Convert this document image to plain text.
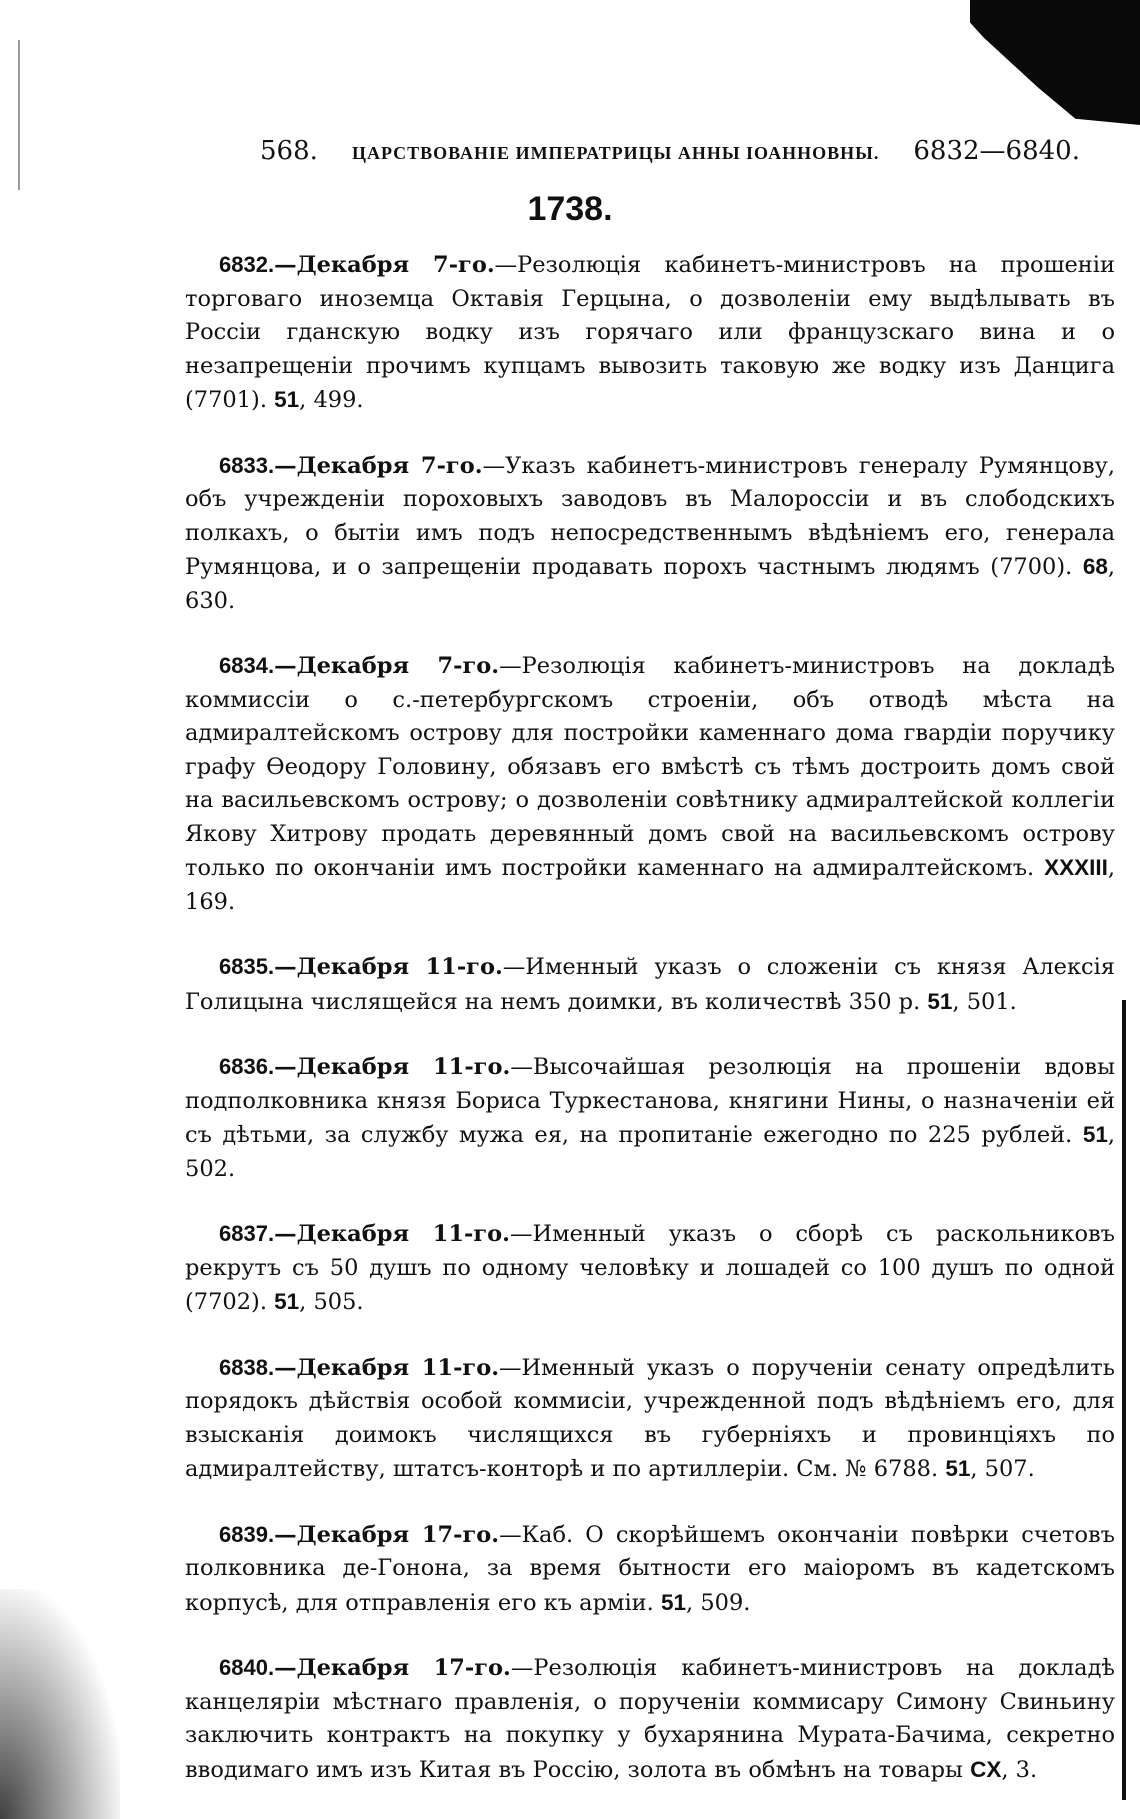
568. ЦАРСТВОВАНІЕ ИМПЕРАТРИЦЫ АННЫ ІОАННОВНЫ. 6832—6840.
1738.

6832.—Декабря 7-го.—Резолюція кабинетъ-министровъ на прошеніи торговаго иноземца Октавія Герцына, о дозволеніи ему выдѣлывать въ Россіи гданскую водку изъ горячаго или французскаго вина и о незапрещеніи прочимъ купцамъ вывозить таковую же водку изъ Данцига (7701). 51, 499.

6833.—Декабря 7-го.—Указъ кабинетъ-министровъ генералу Румянцову, объ учрежденіи пороховыхъ заводовъ въ Малороссіи и въ слободскихъ полкахъ, о бытіи имъ подъ непосредственнымъ вѣдѣніемъ его, генерала Румянцова, и о запрещеніи продавать порохъ частнымъ людямъ (7700). 68, 630.

6834.—Декабря 7-го.—Резолюція кабинетъ-министровъ на докладѣ коммиссіи о с.-петербургскомъ строеніи, объ отводѣ мѣста на адмиралтейскомъ острову для постройки каменнаго дома гвардіи поручику графу Ѳеодору Головину, обязавъ его вмѣстѣ съ тѣмъ достроить домъ свой на васильевскомъ острову; о дозволеніи совѣтнику адмиралтейской коллегіи Якову Хитрову продать деревянный домъ свой на васильевскомъ острову только по окончаніи имъ постройки каменнаго на адмиралтейскомъ. XXXIII, 169.

6835.—Декабря 11-го.—Именный указъ о сложеніи съ князя Алексія Голицына числящейся на немъ доимки, въ количествѣ 350 р. 51, 501.

6836.—Декабря 11-го.—Высочайшая резолюція на прошеніи вдовы подполковника князя Бориса Туркестанова, княгини Нины, о назначеніи ей съ дѣтьми, за службу мужа ея, на пропитаніе ежегодно по 225 рублей. 51, 502.

6837.—Декабря 11-го.—Именный указъ о сборѣ съ раскольниковъ рекрутъ съ 50 душъ по одному человѣку и лошадей со 100 душъ по одной (7702). 51, 505.

6838.—Декабря 11-го.—Именный указъ о порученіи сенату опредѣлить порядокъ дѣйствія особой коммисіи, учрежденной подъ вѣдѣніемъ его, для взысканія доимокъ числящихся въ губерніяхъ и провинціяхъ по адмиралтейству, штатсъ-конторѣ и по артиллеріи. См. № 6788. 51, 507.

6839.—Декабря 17-го.—Каб. О скорѣйшемъ окончаніи повѣрки счетовъ полковника де-Гонона, за время бытности его маіоромъ въ кадетскомъ корпусѣ, для отправленія его къ арміи. 51, 509.

6840.—Декабря 17-го.—Резолюція кабинетъ-министровъ на докладѣ канцеляріи мѣстнаго правленія, о порученіи коммисару Симону Свиньину заключить контрактъ на покупку у бухарянина Мурата-Бачима, секретно вводимаго имъ изъ Китая въ Россію, золота въ обмѣнъ на товары CX, 3.
